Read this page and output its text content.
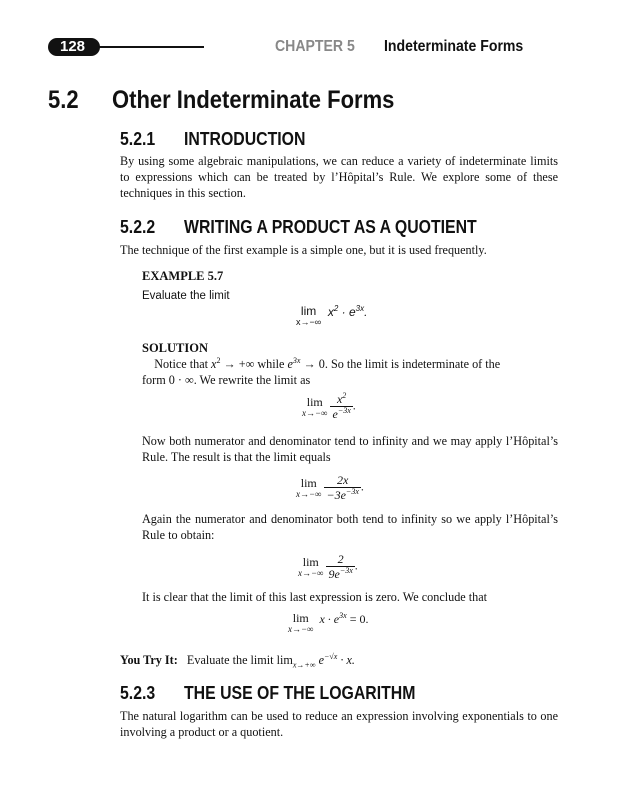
128	CHAPTER 5 Indeterminate Forms
5.2 Other Indeterminate Forms
5.2.1 INTRODUCTION
By using some algebraic manipulations, we can reduce a variety of indeterminate limits to expressions which can be treated by l’Hôpital’s Rule. We explore some of these techniques in this section.
5.2.2 WRITING A PRODUCT AS A QUOTIENT
The technique of the first example is a simple one, but it is used frequently.
EXAMPLE 5.7
Evaluate the limit
lim
x→−∞
$x^2 \cdot e^{3x}$.
SOLUTION
Notice that $x^2$ → +∞ while $e^{3x} \to 0$. So the limit is indeterminate of the
form 0 · ∞. We rewrite the limit as
lim
x→−∞
$\frac{x^2}{e^{-3x}}$ .
Now both numerator and denominator tend to infinity and we may apply l’Hôpital’s Rule. The result is that the limit equals
lim
x→−∞
$\frac{2x}{-3e^{-3x}}$ .
Again the numerator and denominator both tend to infinity so we apply l’Hôpital’s Rule to obtain:
lim
x→−∞
$\frac{2}{9e^{-3x}}$ .
It is clear that the limit of this last expression is zero. We conclude that
lim
x→−∞
$x \cdot e^{3x} = 0$.
You Try It: Evaluate the limit $\lim_{x\to+\infty} e^{-√x} \cdot x$.
5.2.3 THE USE OF THE LOGARITHM
The natural logarithm can be used to reduce an expression involving exponentials to one involving a product or a quotient.
